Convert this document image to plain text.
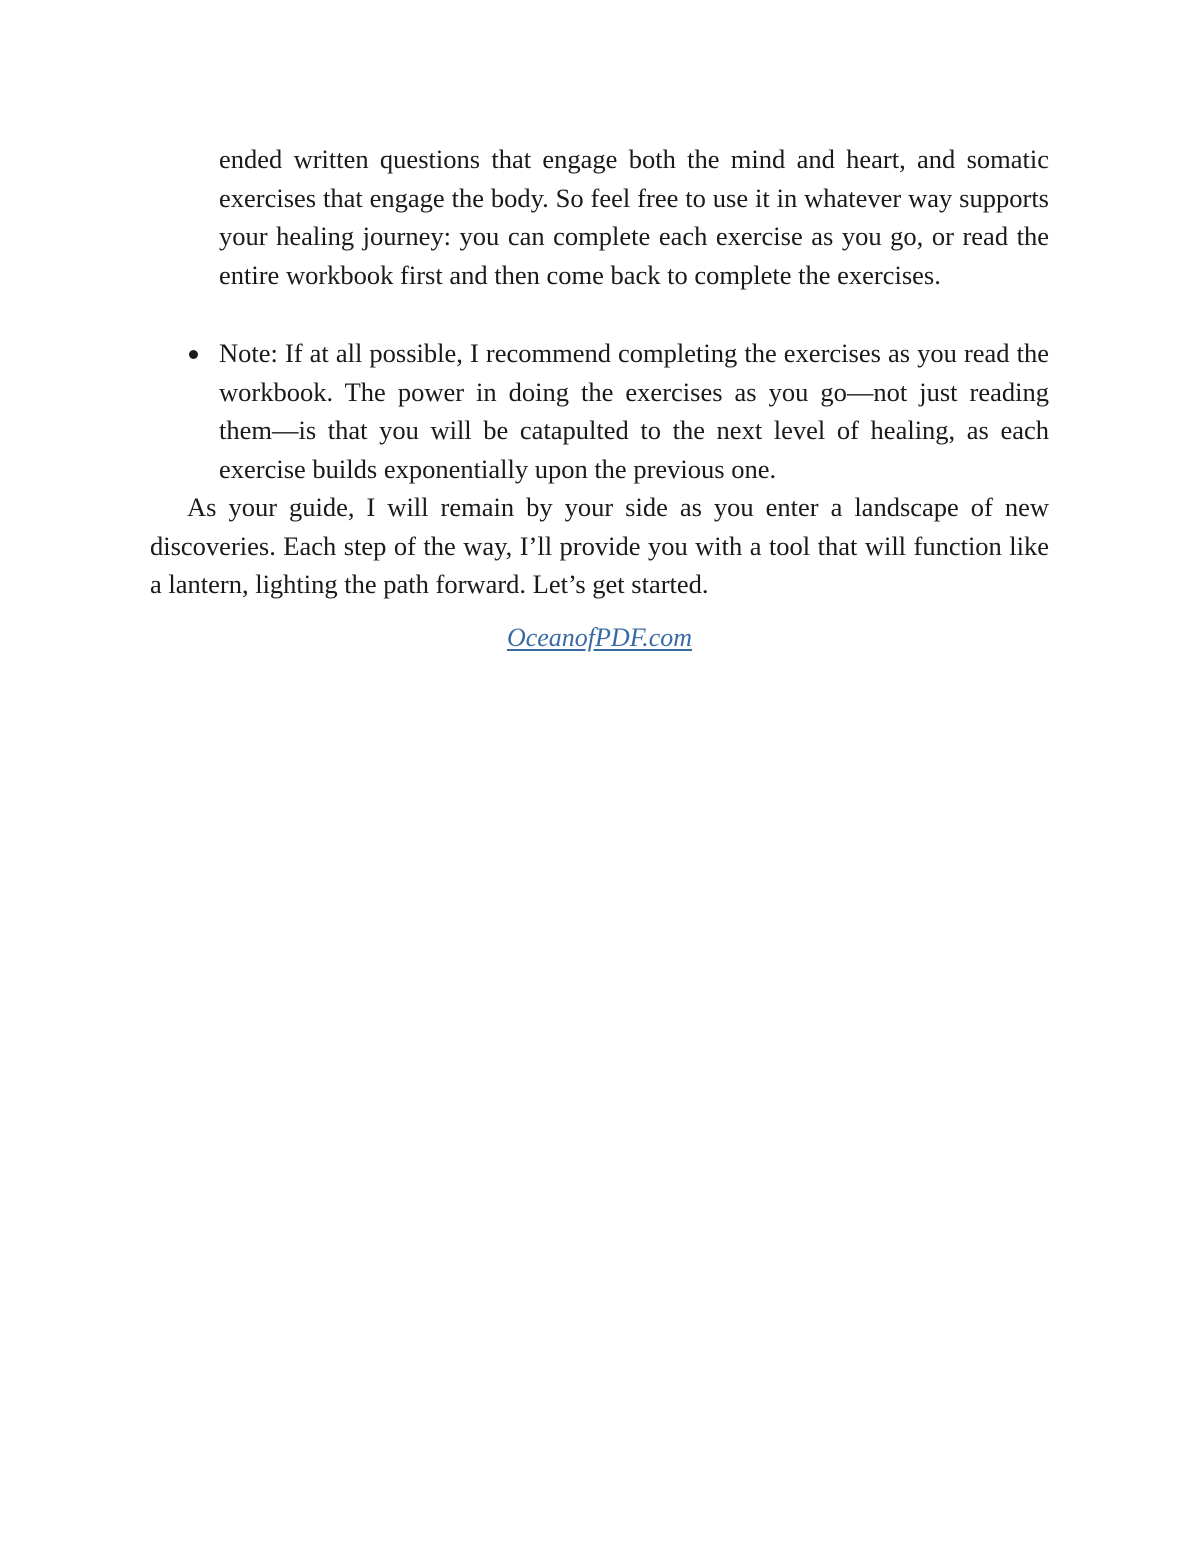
ended written questions that engage both the mind and heart, and somatic exercises that engage the body. So feel free to use it in whatever way supports your healing journey: you can complete each exercise as you go, or read the entire workbook first and then come back to complete the exercises.

Note: If at all possible, I recommend completing the exercises as you read the workbook. The power in doing the exercises as you go—not just reading them—is that you will be catapulted to the next level of healing, as each exercise builds exponentially upon the previous one.

As your guide, I will remain by your side as you enter a landscape of new discoveries. Each step of the way, I’ll provide you with a tool that will function like a lantern, lighting the path forward. Let’s get started.

OceanofPDF.com
